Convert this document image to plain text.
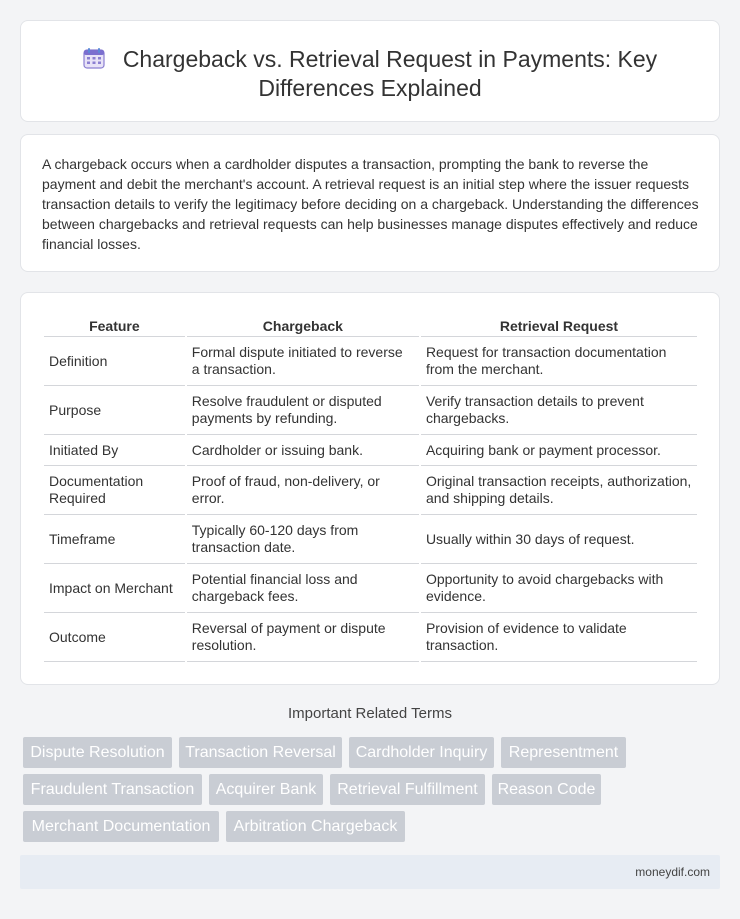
Chargeback vs. Retrieval Request in Payments: Key
Differences Explained

A chargeback occurs when a cardholder disputes a transaction, prompting the bank to reverse the payment and debit the merchant's account. A retrieval request is an initial step where the issuer requests transaction details to verify the legitimacy before deciding on a chargeback. Understanding the differences between chargebacks and retrieval requests can help businesses manage disputes effectively and reduce financial losses.

Feature	Chargeback	Retrieval Request
Definition	Formal dispute initiated to reverse a transaction.	Request for transaction documentation from the merchant.
Purpose	Resolve fraudulent or disputed payments by refunding.	Verify transaction details to prevent chargebacks.
Initiated By	Cardholder or issuing bank.	Acquiring bank or payment processor.
Documentation Required	Proof of fraud, non-delivery, or error.	Original transaction receipts, authorization, and shipping details.
Timeframe	Typically 60-120 days from transaction date.	Usually within 30 days of request.
Impact on Merchant	Potential financial loss and chargeback fees.	Opportunity to avoid chargebacks with evidence.
Outcome	Reversal of payment or dispute resolution.	Provision of evidence to validate transaction.
Important Related Terms
Dispute Resolution	Transaction Reversal	Cardholder Inquiry	Representment
Fraudulent Transaction	Acquirer Bank	Retrieval Fulfillment	Reason Code
Merchant Documentation	Arbitration Chargeback
moneydif.com
